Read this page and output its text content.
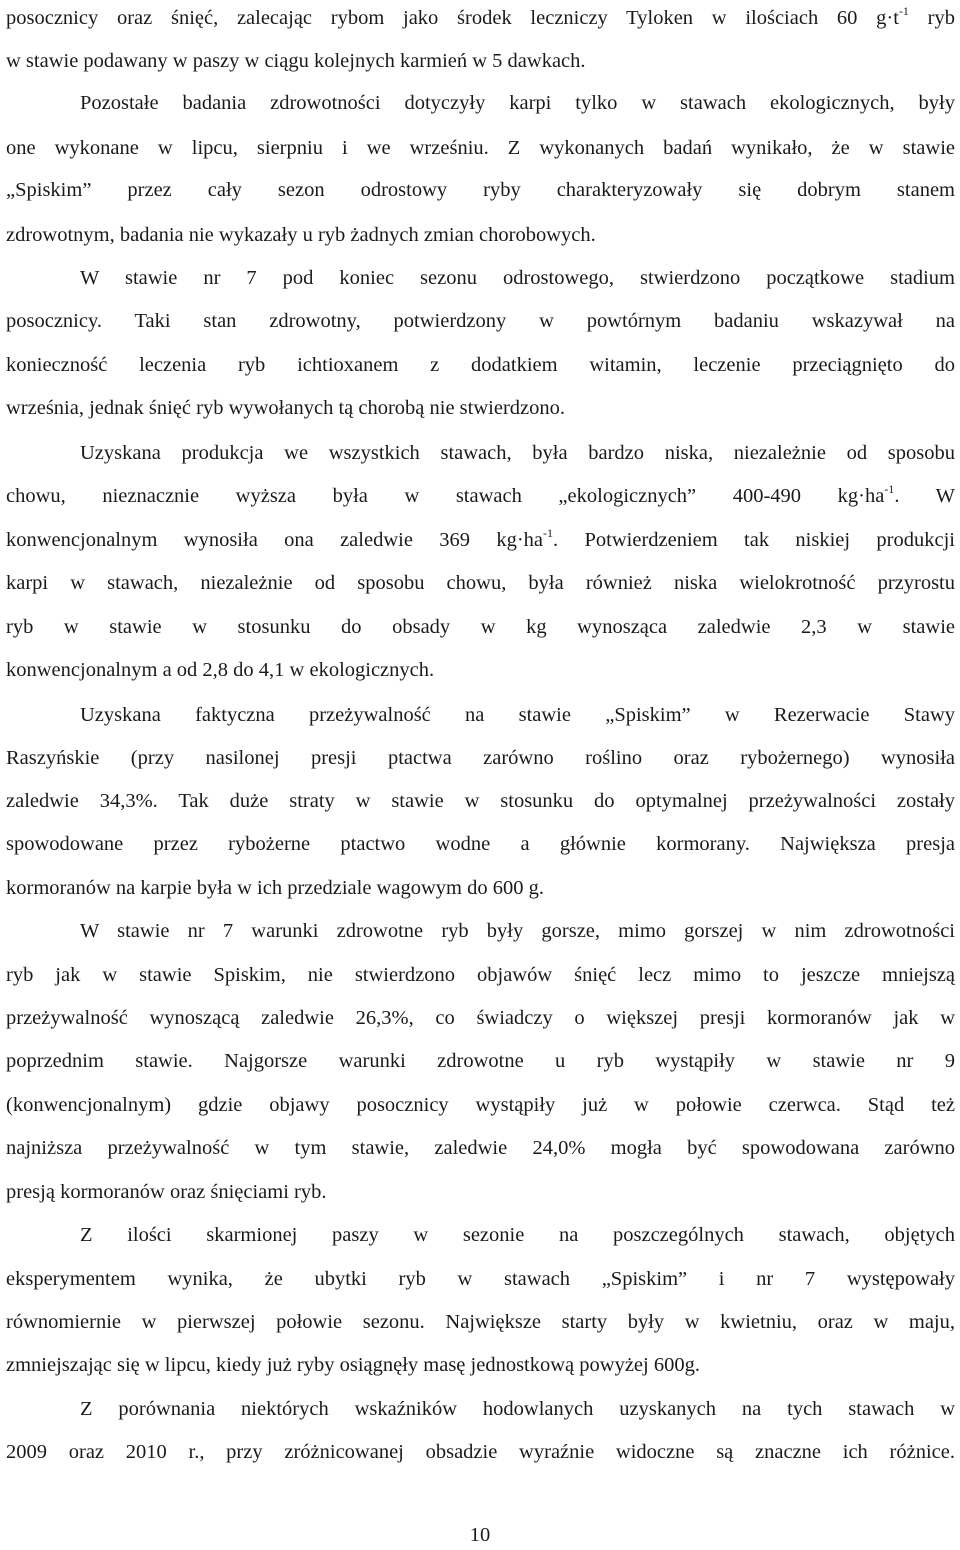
posocznicy oraz śnięć, zalecając rybom jako środek leczniczy Tyloken w ilościach 60 $g\cdot t^{-1}$ ryb
w stawie podawany w paszy w ciągu kolejnych karmień w 5 dawkach.
Pozostałe badania zdrowotności dotyczyły karpi tylko w stawach ekologicznych, były
one wykonane w lipcu, sierpniu i we wrześniu. Z wykonanych badań wynikało, że w stawie
„Spiskim” przez cały sezon odrostowy ryby charakteryzowały się dobrym stanem
zdrowotnym, badania nie wykazały u ryb żadnych zmian chorobowych.
W stawie nr 7 pod koniec sezonu odrostowego, stwierdzono początkowe stadium
posocznicy. Taki stan zdrowotny, potwierdzony w powtórnym badaniu wskazywał na
konieczność leczenia ryb ichtioxanem z dodatkiem witamin, leczenie przeciągnięto do
września, jednak śnięć ryb wywołanych tą chorobą nie stwierdzono.
Uzyskana produkcja we wszystkich stawach, była bardzo niska, niezależnie od sposobu
chowu, nieznacznie wyższa była w stawach „ekologicznych” 400-490 $kg\cdot ha^{-1}$. W
konwencjonalnym wynosiła ona zaledwie 369 $kg\cdot ha^{-1}$. Potwierdzeniem tak niskiej produkcji
karpi w stawach, niezależnie od sposobu chowu, była również niska wielokrotność przyrostu
ryb w stawie w stosunku do obsady w kg wynosząca zaledwie 2,3 w stawie
konwencjonalnym a od 2,8 do 4,1 w ekologicznych.
Uzyskana faktyczna przeżywalność na stawie „Spiskim” w Rezerwacie Stawy
Raszyńskie (przy nasilonej presji ptactwa zarówno roślino oraz rybożernego) wynosiła
zaledwie 34,3%. Tak duże straty w stawie w stosunku do optymalnej przeżywalności zostały
spowodowane przez rybożerne ptactwo wodne a głównie kormorany. Największa presja
kormoranów na karpie była w ich przedziale wagowym do 600 g.
W stawie nr 7 warunki zdrowotne ryb były gorsze, mimo gorszej w nim zdrowotności
ryb jak w stawie Spiskim, nie stwierdzono objawów śnięć lecz mimo to jeszcze mniejszą
przeżywalność wynoszącą zaledwie 26,3%, co świadczy o większej presji kormoranów jak w
poprzednim stawie. Najgorsze warunki zdrowotne u ryb wystąpiły w stawie nr 9
(konwencjonalnym) gdzie objawy posocznicy wystąpiły już w połowie czerwca. Stąd też
najniższa przeżywalność w tym stawie, zaledwie 24,0% mogła być spowodowana zarówno
presją kormoranów oraz śnięciami ryb.
Z ilości skarmionej paszy w sezonie na poszczególnych stawach, objętych
eksperymentem wynika, że ubytki ryb w stawach „Spiskim” i nr 7 występowały
równomiernie w pierwszej połowie sezonu. Największe starty były w kwietniu, oraz w maju,
zmniejszając się w lipcu, kiedy już ryby osiągnęły masę jednostkową powyżej 600g.
Z porównania niektórych wskaźników hodowlanych uzyskanych na tych stawach w
2009 oraz 2010 r., przy zróżnicowanej obsadzie wyraźnie widoczne są znaczne ich różnice.
10
